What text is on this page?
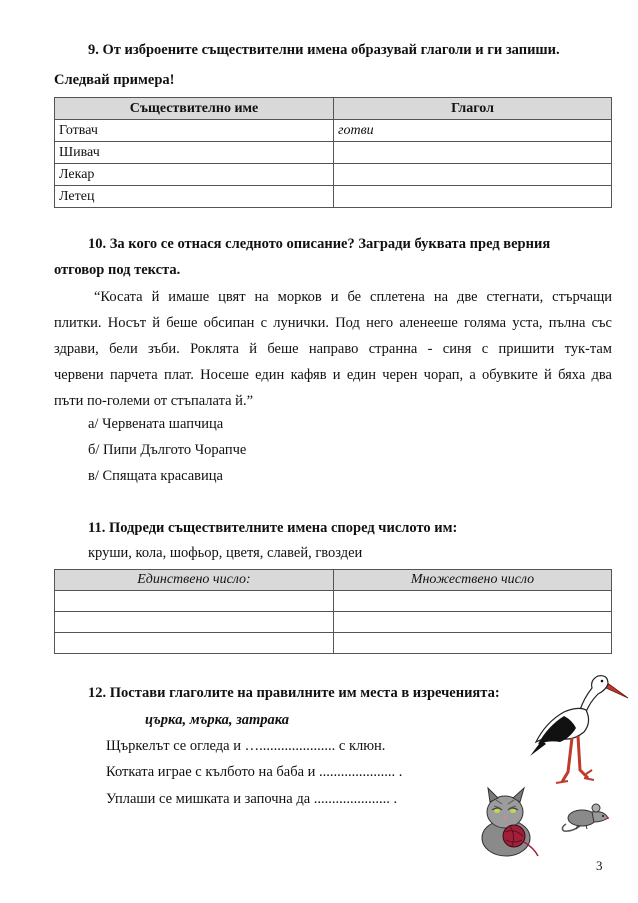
9. От изброените съществителни имена образувай глаголи и ги запиши.
Следвай примера!
Съществително име	Глагол
Готвач	готви
Шивач	
Лекар	
Летец	
10. За кого се отнася следното описание? Загради буквата пред верния
отговор под текста.
“Косата й имаше цвят на морков и бе сплетена на две стегнати, стърчащи
плитки. Носът й беше обсипан с лунички. Под него аленееше голяма уста, пълна със
здрави, бели зъби. Роклята й беше направо странна - синя с пришити тук-там
червени парчета плат. Носеше един кафяв и един черен чорап, а обувките й бяха два
пъти по-големи от стъпалата й.”
а/ Червената шапчица
б/ Пипи Дългото Чорапче
в/ Спящата красавица
11. Подреди съществителните имена според числото им:
круши, кола, шофьор, цветя, славей, гвоздеи
Единствено число:	Множествено число

12. Постави глаголите на правилните им места в изреченията:
църкa, мърка, затрака
Щъркелът се огледа и …..................... с клюн.
Котката играе с кълбото на баба и ..................... .
Уплаши се мишката и започна да ..................... .
3
